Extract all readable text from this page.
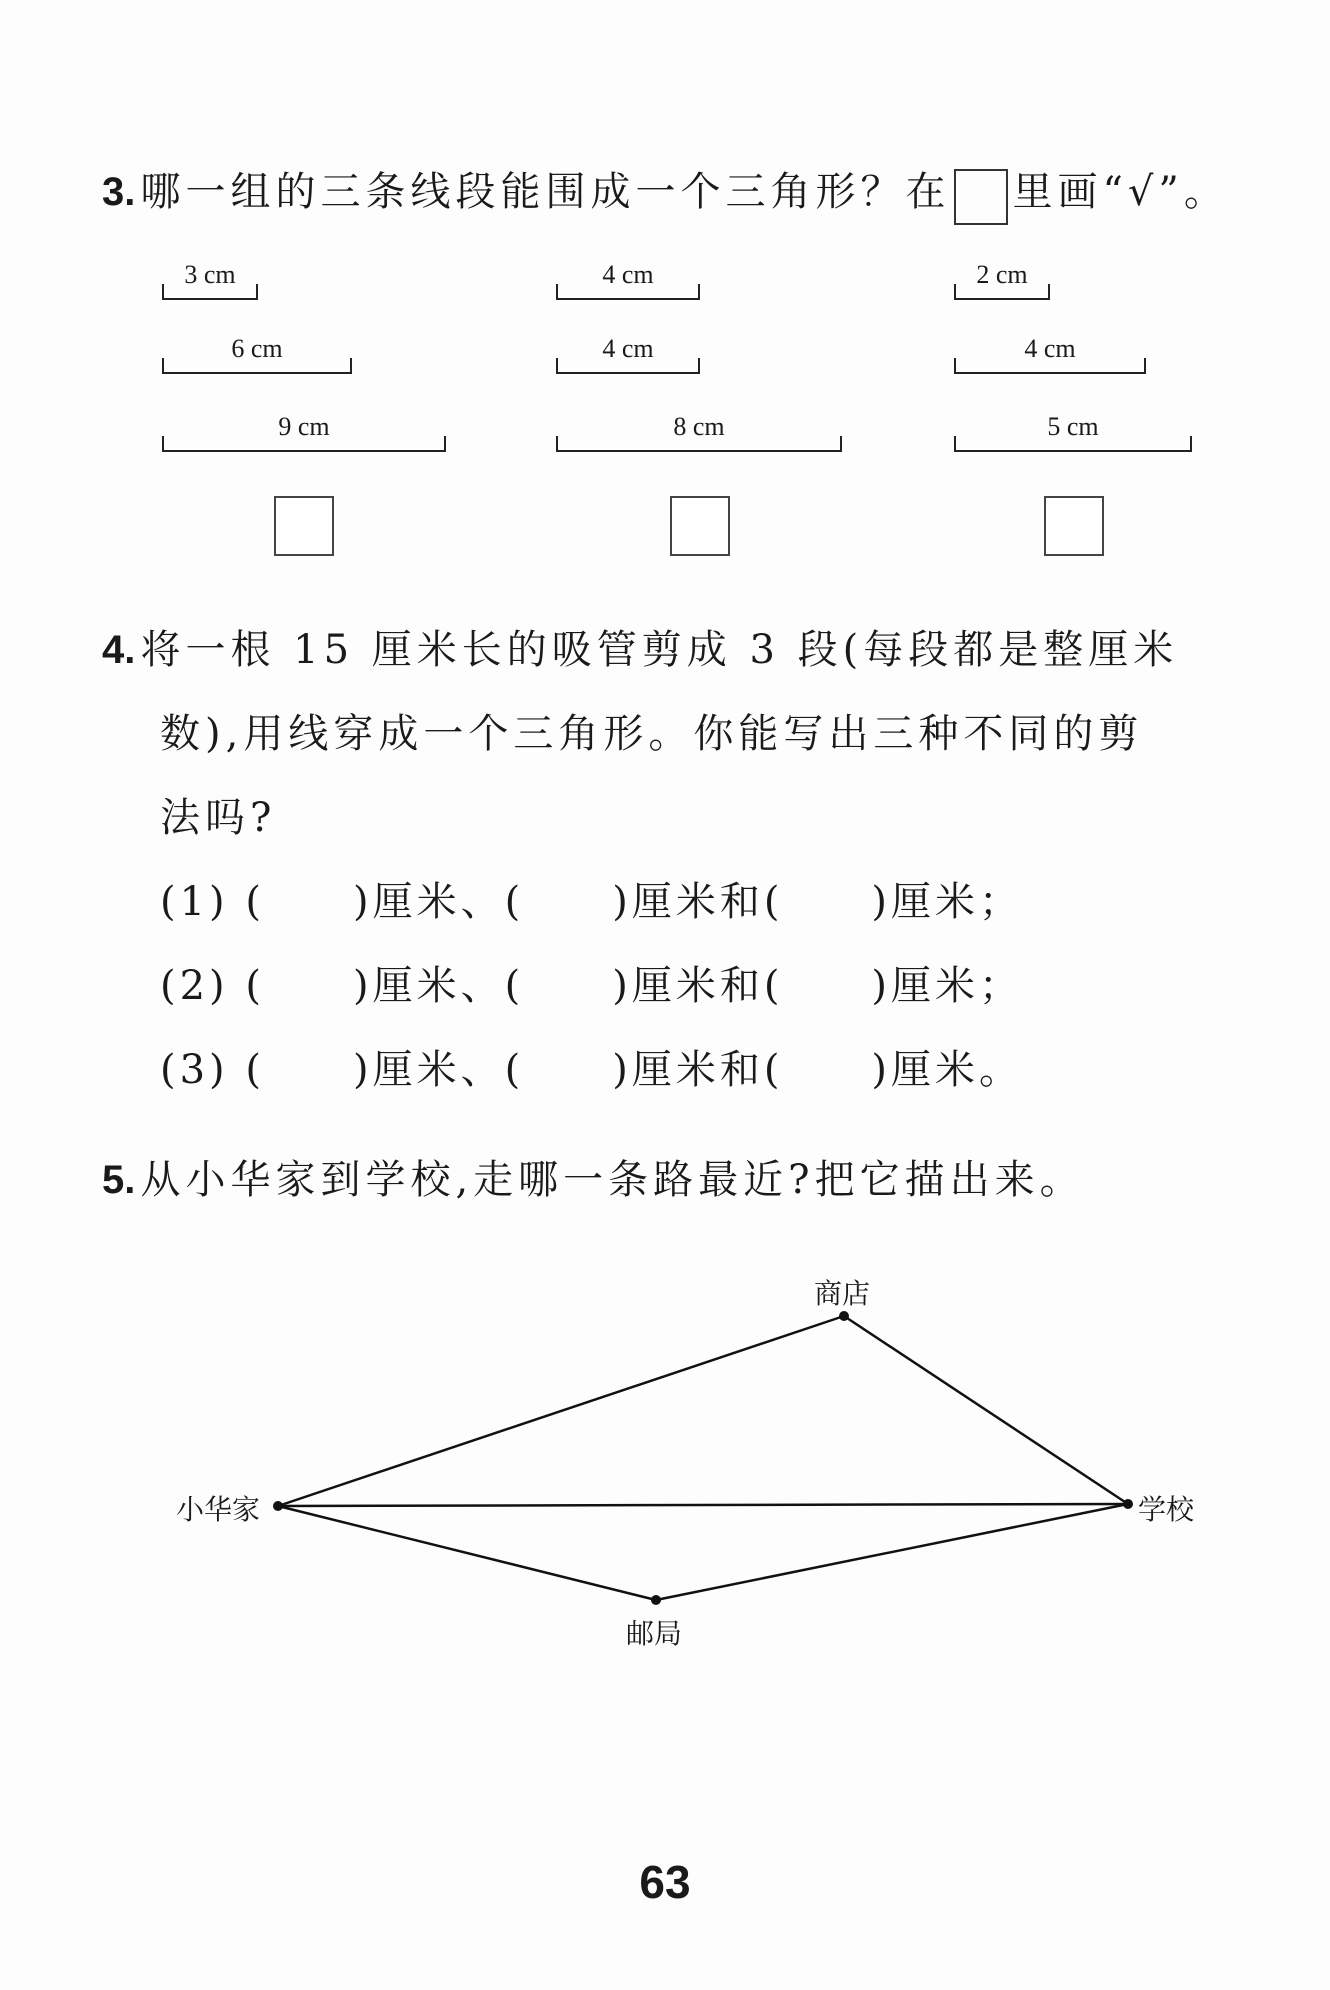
3. 哪一组的三条线段能围成一个三角形？在 里画“√”。
3 cm
6 cm
9 cm
4 cm
4 cm
8 cm
2 cm
4 cm
5 cm
4. 将一根 15 厘米长的吸管剪成 3 段(每段都是整厘米
数),用线穿成一个三角形。你能写出三种不同的剪
法吗?
(1) (　　)厘米、(　　)厘米和(　　)厘米；
(2) (　　)厘米、(　　)厘米和(　　)厘米；
(3) (　　)厘米、(　　)厘米和(　　)厘米。
5. 从小华家到学校,走哪一条路最近?把它描出来。
小华家
商店
学校
邮局
63
